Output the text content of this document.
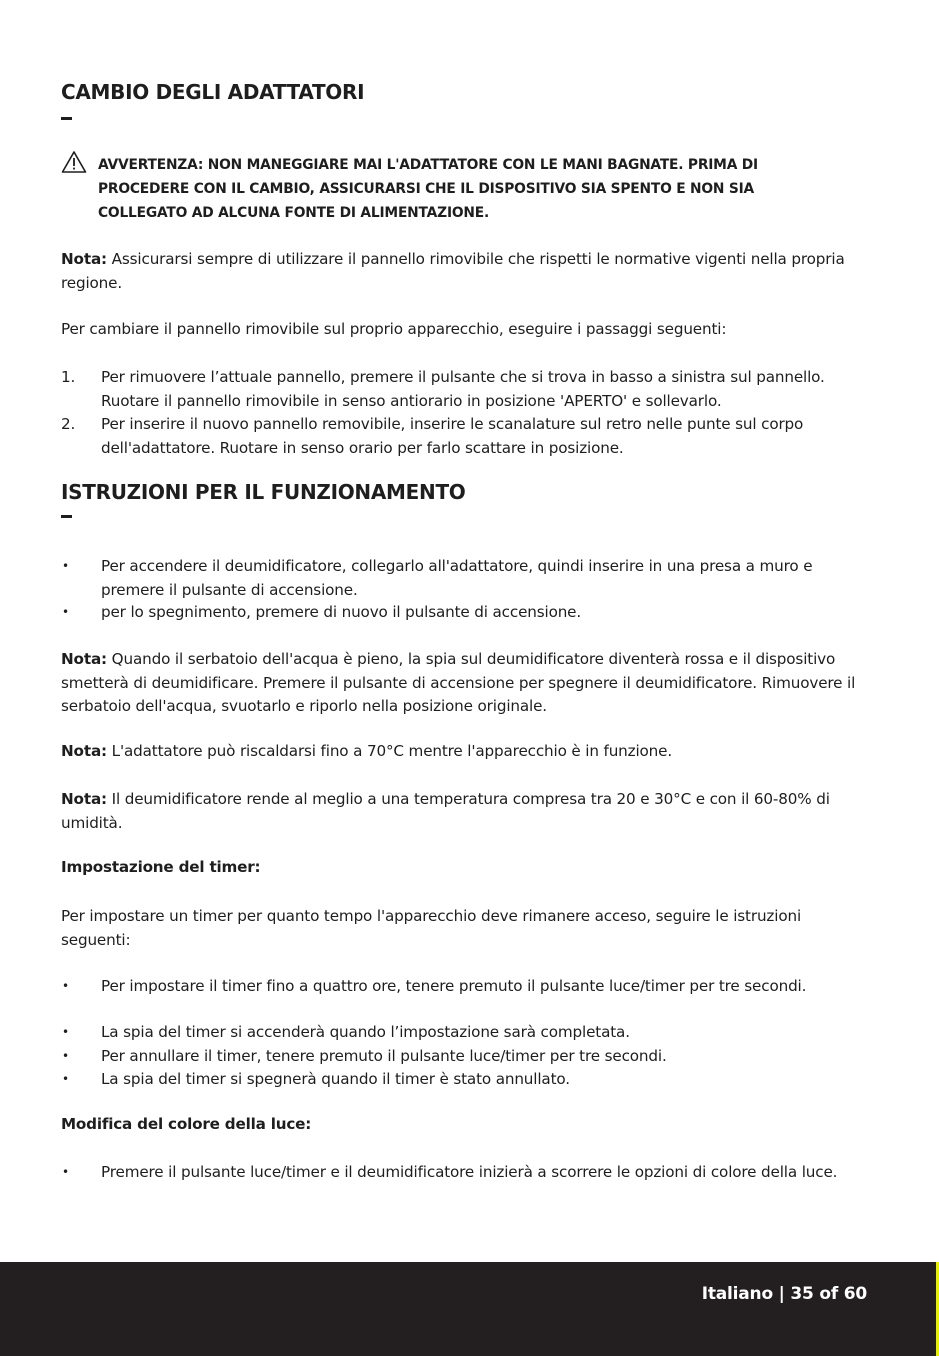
CAMBIO DEGLI ADATTATORI
AVVERTENZA: NON MANEGGIARE MAI L'ADATTATORE CON LE MANI BAGNATE. PRIMA DI
PROCEDERE CON IL CAMBIO, ASSICURARSI CHE IL DISPOSITIVO SIA SPENTO E NON SIA
COLLEGATO AD ALCUNA FONTE DI ALIMENTAZIONE.
Nota: Assicurarsi sempre di utilizzare il pannello rimovibile che rispetti le normative vigenti nella propria regione.
Per cambiare il pannello rimovibile sul proprio apparecchio, eseguire i passaggi seguenti:
1.	Per rimuovere l’attuale pannello, premere il pulsante che si trova in basso a sinistra sul pannello. Ruotare il pannello rimovibile in senso antiorario in posizione 'APERTO' e sollevarlo.
2.	Per inserire il nuovo pannello removibile, inserire le scanalature sul retro nelle punte sul corpo dell'adattatore. Ruotare in senso orario per farlo scattare in posizione.
ISTRUZIONI PER IL FUNZIONAMENTO
•	Per accendere il deumidificatore, collegarlo all'adattatore, quindi inserire in una presa a muro e premere il pulsante di accensione.
•	per lo spegnimento, premere di nuovo il pulsante di accensione.
Nota: Quando il serbatoio dell'acqua è pieno, la spia sul deumidificatore diventerà rossa e il dispositivo smetterà di deumidificare. Premere il pulsante di accensione per spegnere il deumidificatore. Rimuovere il serbatoio dell'acqua, svuotarlo e riporlo nella posizione originale.
Nota: L'adattatore può riscaldarsi fino a 70°C mentre l'apparecchio è in funzione.
Nota: Il deumidificatore rende al meglio a una temperatura compresa tra 20 e 30°C e con il 60-80% di umidità.
Impostazione del timer:
Per impostare un timer per quanto tempo l'apparecchio deve rimanere acceso, seguire le istruzioni seguenti:
•	Per impostare il timer fino a quattro ore, tenere premuto il pulsante luce/timer per tre secondi.
•	La spia del timer si accenderà quando l’impostazione sarà completata.
•	Per annullare il timer, tenere premuto il pulsante luce/timer per tre secondi.
•	La spia del timer si spegnerà quando il timer è stato annullato.
Modifica del colore della luce:
•	Premere il pulsante luce/timer e il deumidificatore inizierà a scorrere le opzioni di colore della luce.
Italiano | 35 of 60
